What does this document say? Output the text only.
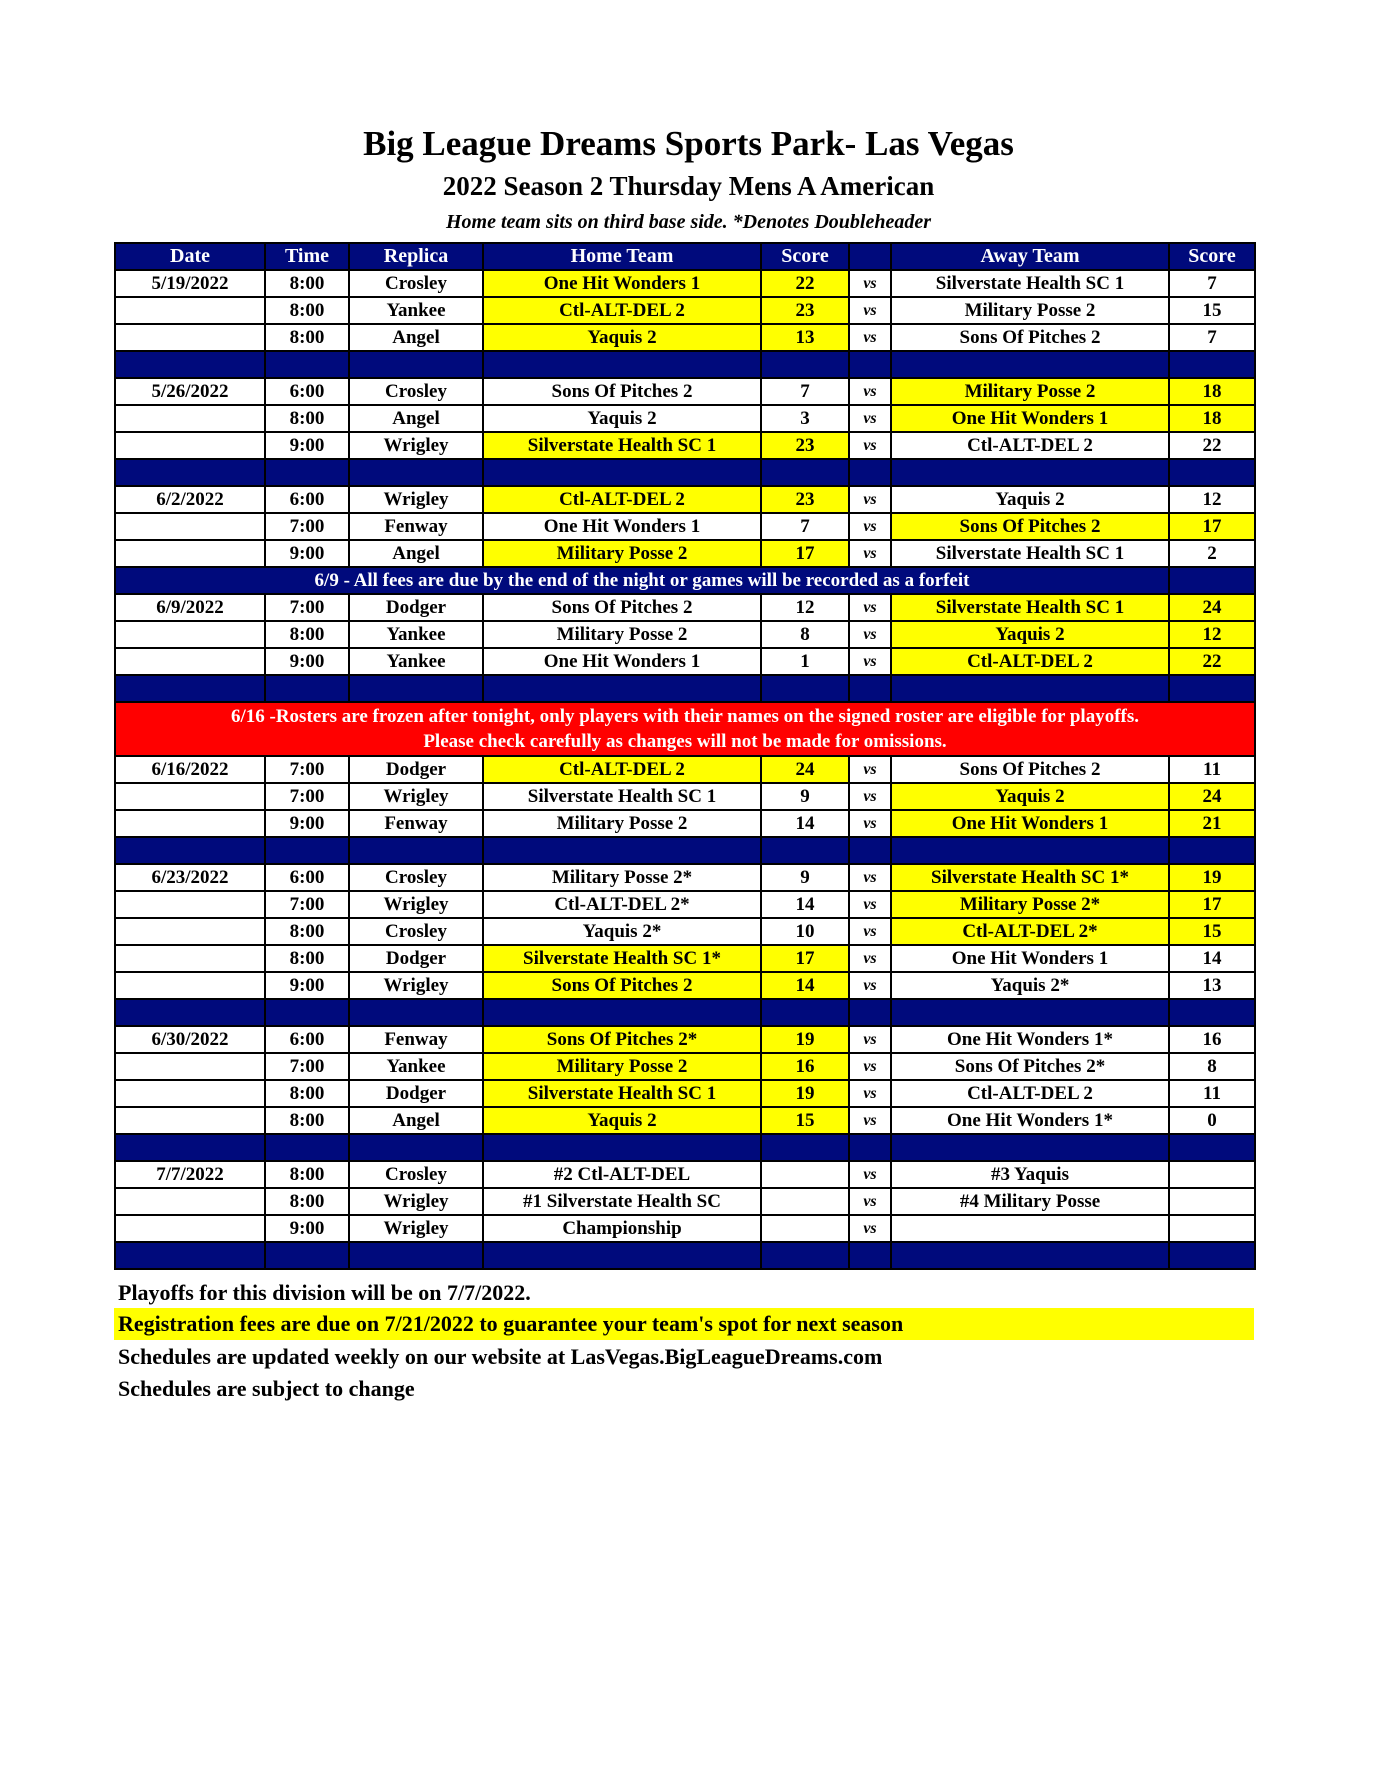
Big League Dreams Sports Park- Las Vegas
2022 Season 2 Thursday Mens A American
Home team sits on third base side. *Denotes Doubleheader
Date	Time	Replica	Home Team	Score		Away Team	Score
5/19/2022	8:00	Crosley	One Hit Wonders 1	22	vs	Silverstate Health SC 1	7
	8:00	Yankee	Ctl-ALT-DEL 2	23	vs	Military Posse 2	15
	8:00	Angel	Yaquis 2	13	vs	Sons Of Pitches 2	7

5/26/2022	6:00	Crosley	Sons Of Pitches 2	7	vs	Military Posse 2	18
	8:00	Angel	Yaquis 2	3	vs	One Hit Wonders 1	18
	9:00	Wrigley	Silverstate Health SC 1	23	vs	Ctl-ALT-DEL 2	22

6/2/2022	6:00	Wrigley	Ctl-ALT-DEL 2	23	vs	Yaquis 2	12
	7:00	Fenway	One Hit Wonders 1	7	vs	Sons Of Pitches 2	17
	9:00	Angel	Military Posse 2	17	vs	Silverstate Health SC 1	2
6/9 - All fees are due by the end of the night or games will be recorded as a forfeit							
6/9/2022	7:00	Dodger	Sons Of Pitches 2	12	vs	Silverstate Health SC 1	24
	8:00	Yankee	Military Posse 2	8	vs	Yaquis 2	12
	9:00	Yankee	One Hit Wonders 1	1	vs	Ctl-ALT-DEL 2	22

6/16 -Rosters are frozen after tonight, only players with their names on the signed roster are eligible for playoffs.
Please check carefully as changes will not be made for omissions.							

6/16/2022	7:00	Dodger	Ctl-ALT-DEL 2	24	vs	Sons Of Pitches 2	11
	7:00	Wrigley	Silverstate Health SC 1	9	vs	Yaquis 2	24
	9:00	Fenway	Military Posse 2	14	vs	One Hit Wonders 1	21

6/23/2022	6:00	Crosley	Military Posse 2*	9	vs	Silverstate Health SC 1*	19
	7:00	Wrigley	Ctl-ALT-DEL 2*	14	vs	Military Posse 2*	17
	8:00	Crosley	Yaquis 2*	10	vs	Ctl-ALT-DEL 2*	15
	8:00	Dodger	Silverstate Health SC 1*	17	vs	One Hit Wonders 1	14
	9:00	Wrigley	Sons Of Pitches 2	14	vs	Yaquis 2*	13

6/30/2022	6:00	Fenway	Sons Of Pitches 2*	19	vs	One Hit Wonders 1*	16
	7:00	Yankee	Military Posse 2	16	vs	Sons Of Pitches 2*	8
	8:00	Dodger	Silverstate Health SC 1	19	vs	Ctl-ALT-DEL 2	11
	8:00	Angel	Yaquis 2	15	vs	One Hit Wonders 1*	0

7/7/2022	8:00	Crosley	#2 Ctl-ALT-DEL		vs	#3 Yaquis	
	8:00	Wrigley	#1 Silverstate Health SC		vs	#4 Military Posse	
	9:00	Wrigley	Championship		vs		

Playoffs for this division will be on 7/7/2022.
Registration fees are due on 7/21/2022 to guarantee your team's spot for next season
Schedules are updated weekly on our website at LasVegas.BigLeagueDreams.com
Schedules are subject to change
